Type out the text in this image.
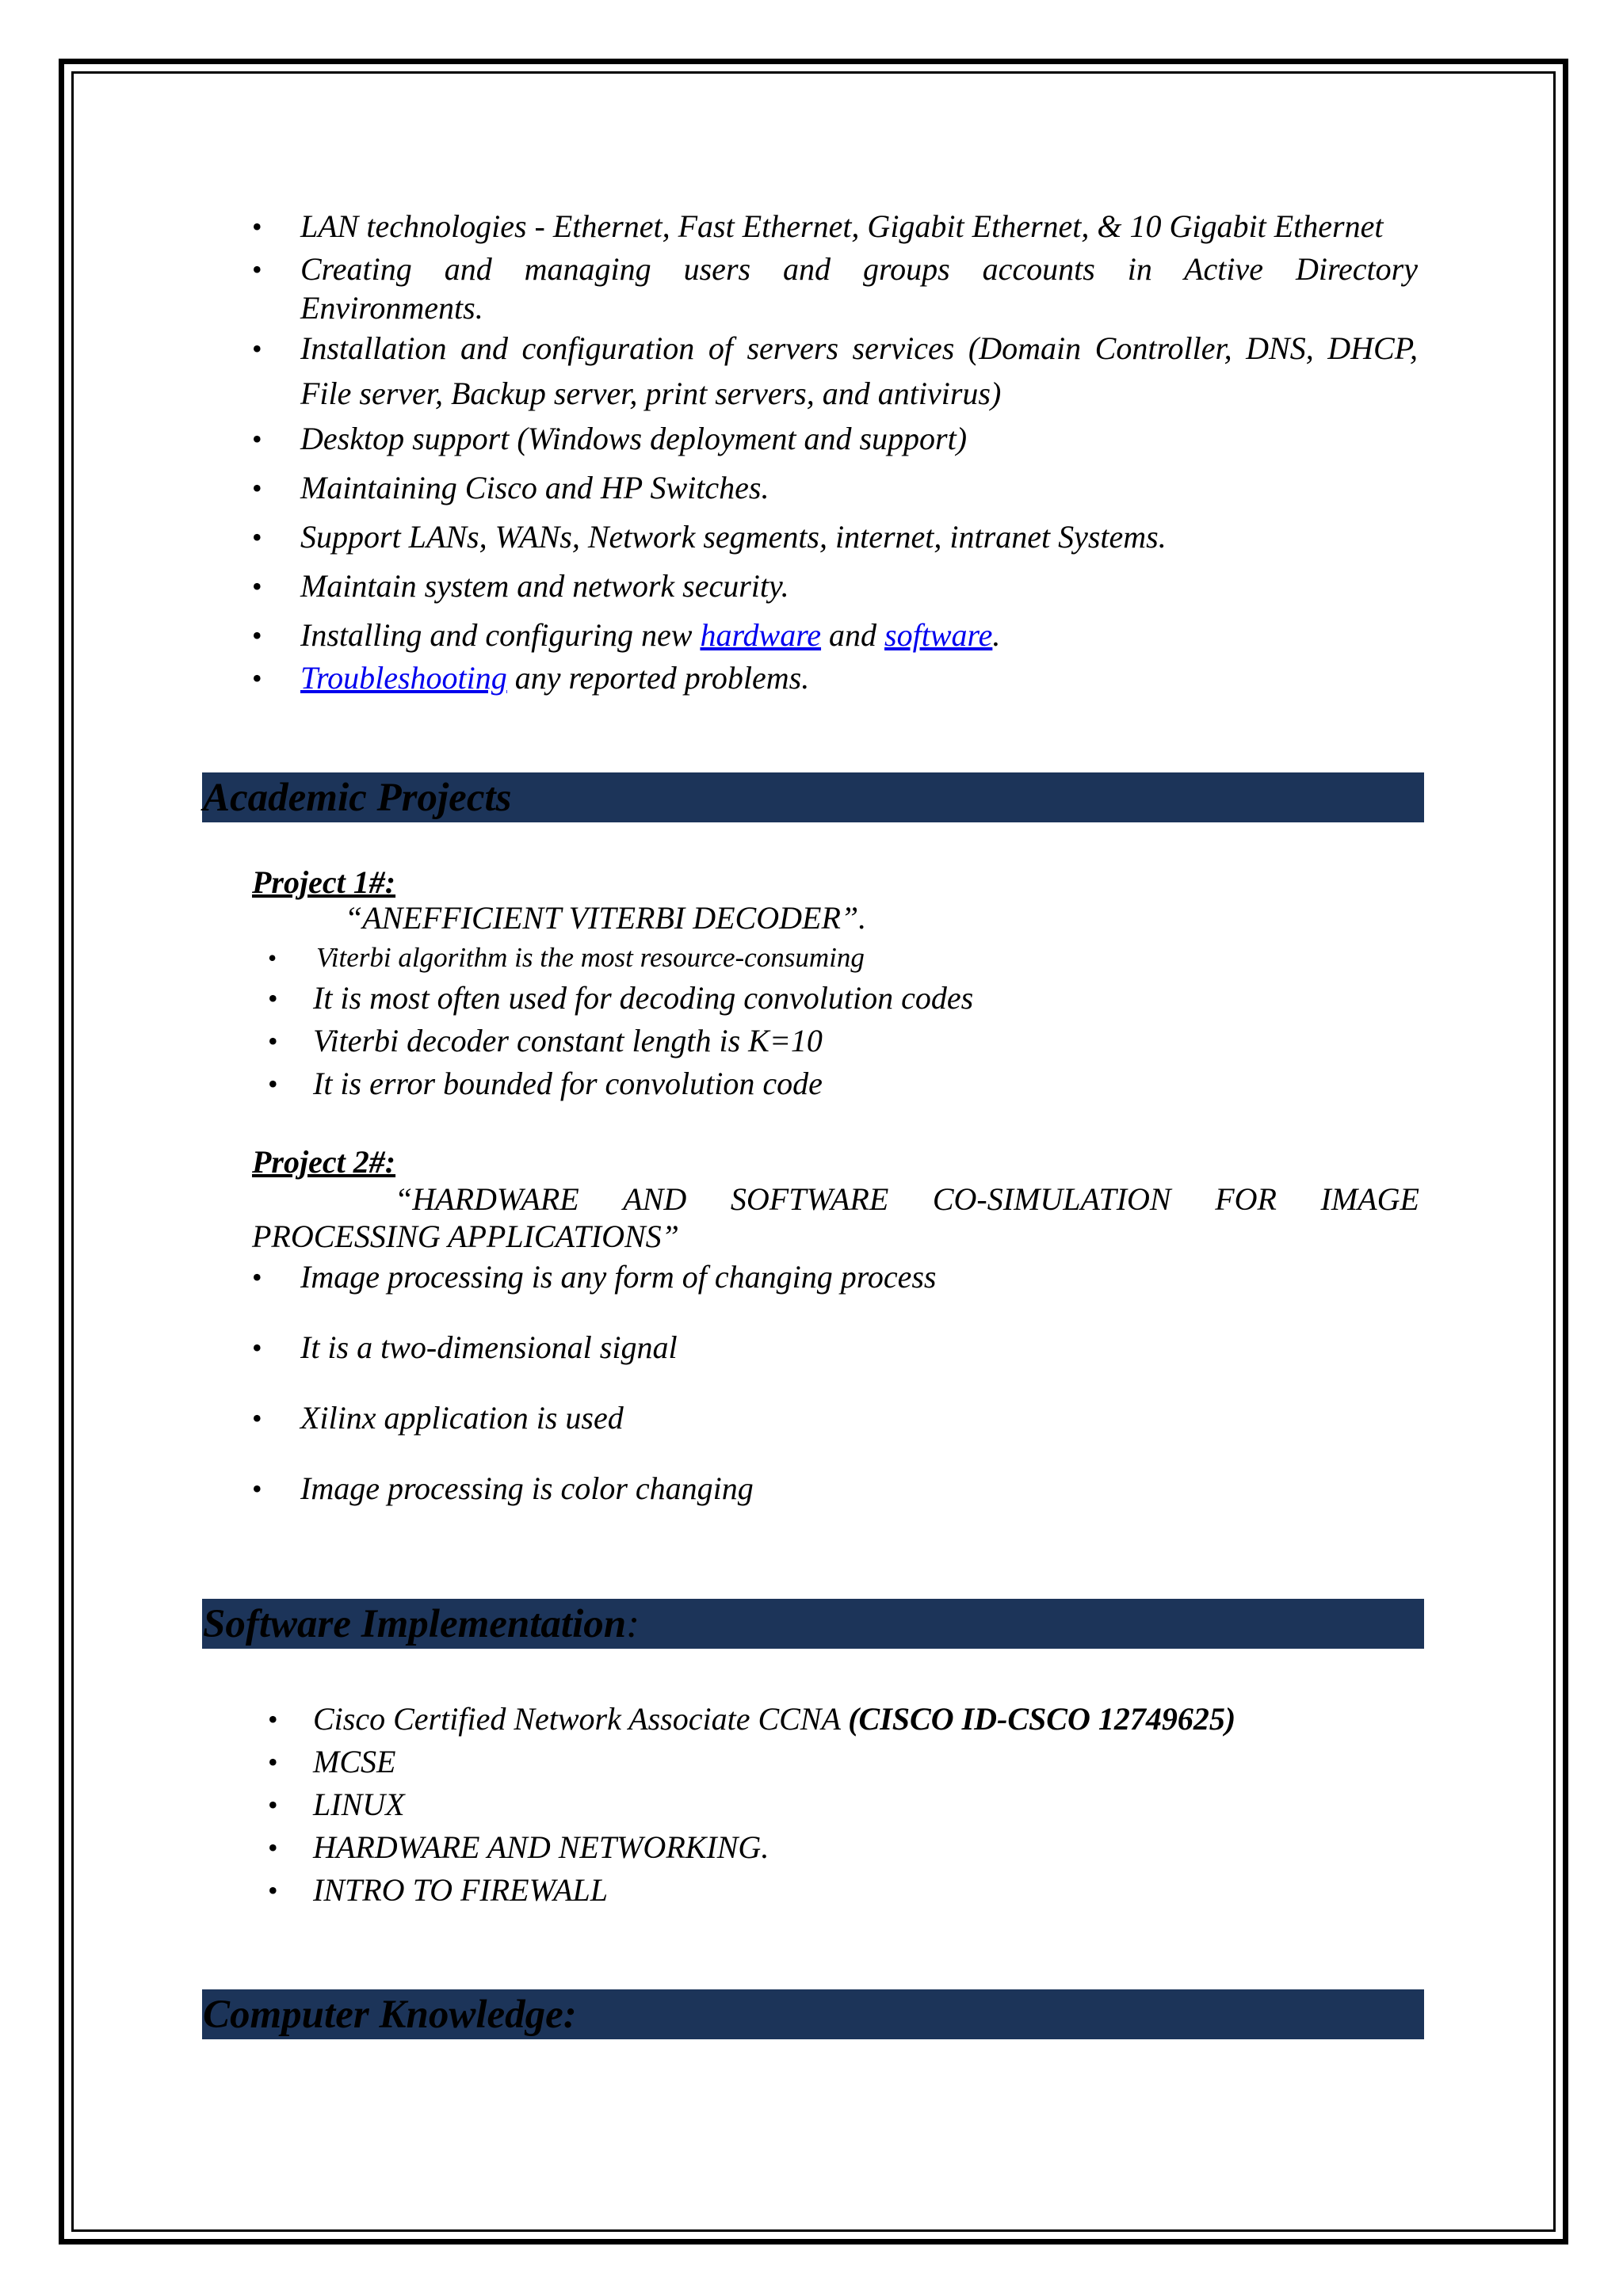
• LAN technologies - Ethernet, Fast Ethernet, Gigabit Ethernet, & 10 Gigabit Ethernet
• Creating and managing users and groups accounts in Active Directory
Environments.
• Installation and configuration of servers services (Domain Controller, DNS, DHCP,
File server, Backup server, print servers, and antivirus)
• Desktop support (Windows deployment and support)
• Maintaining Cisco and HP Switches.
• Support LANs, WANs, Network segments, internet, intranet Systems.
• Maintain system and network security.
• Installing and configuring new hardware and software.
• Troubleshooting any reported problems.
Academic Projects
Project 1#:
“ANEFFICIENT VITERBI DECODER”.
• Viterbi algorithm is the most resource-consuming
• It is most often used for decoding convolution codes
• Viterbi decoder constant length is K=10
• It is error bounded for convolution code
Project 2#:
“HARDWARE AND SOFTWARE CO-SIMULATION FOR IMAGE
PROCESSING APPLICATIONS”
• Image processing is any form of changing process
• It is a two-dimensional signal
• Xilinx application is used
• Image processing is color changing
Software Implementation:
• Cisco Certified Network Associate CCNA (CISCO ID-CSCO 12749625)
• MCSE
• LINUX
• HARDWARE AND NETWORKING.
• INTRO TO FIREWALL
Computer Knowledge:
